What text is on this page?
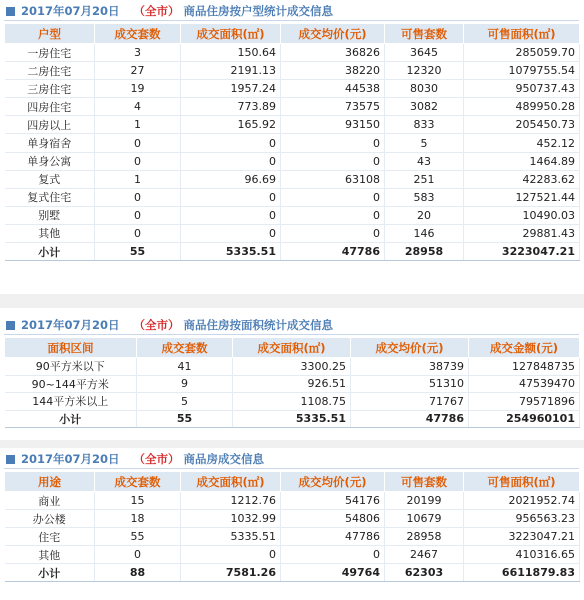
2017年07月20日 （全市） 商品住房按户型统计成交信息
户型	成交套数	成交面积(㎡)	成交均价(元)	可售套数	可售面积(㎡)
一房住宅	3	150.64	36826	3645	285059.70
二房住宅	27	2191.13	38220	12320	1079755.54
三房住宅	19	1957.24	44538	8030	950737.43
四房住宅	4	773.89	73575	3082	489950.28
四房以上	1	165.92	93150	833	205450.73
单身宿舍	0	0	0	5	452.12
单身公寓	0	0	0	43	1464.89
复式	1	96.69	63108	251	42283.62
复式住宅	0	0	0	583	127521.44
别墅	0	0	0	20	10490.03
其他	0	0	0	146	29881.43
小计	55	5335.51	47786	28958	3223047.21
2017年07月20日 （全市） 商品住房按面积统计成交信息
面积区间	成交套数	成交面积(㎡)	成交均价(元)	成交金额(元)
90平方米以下	41	3300.25	38739	127848735
90~144平方米	9	926.51	51310	47539470
144平方米以上	5	1108.75	71767	79571896
小计	55	5335.51	47786	254960101
2017年07月20日 （全市） 商品房成交信息
用途	成交套数	成交面积(㎡)	成交均价(元)	可售套数	可售面积(㎡)
商业	15	1212.76	54176	20199	2021952.74
办公楼	18	1032.99	54806	10679	956563.23
住宅	55	5335.51	47786	28958	3223047.21
其他	0	0	0	2467	410316.65
小计	88	7581.26	49764	62303	6611879.83
